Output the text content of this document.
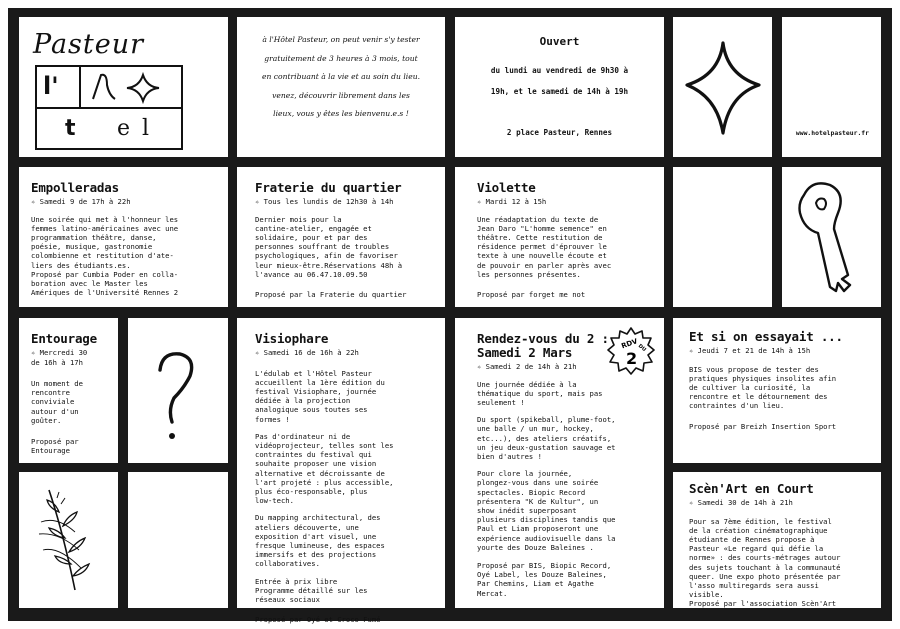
Pasteur
l'
t el
à l'Hôtel Pasteur, on peut venir s'y tester
gratuitement de 3 heures à 3 mois, tout
en contribuant à la vie et au soin du lieu.
venez, découvrir librement dans les
lieux, vous y êtes les bienvenu.e.s !
Ouvert
du lundi au vendredi de 9h30 à
19h, et le samedi de 14h à 19h
2 place Pasteur, Rennes	www.hotelpasteur.fr
Empolleradas
✧ Samedi 9 de 17h à 22h
Une soirée qui met à l'honneur les
femmes latino-américaines avec une
programmation théâtre, danse,
poésie, musique, gastronomie
colombienne et restitution d'ate-
liers des étudiants.es.
Proposé par Cumbia Poder en colla-
boration avec le Master les
Amériques de l'Université Rennes 2
Fraterie du quartier
✧ Tous les lundis de 12h30 à 14h
Dernier mois pour la
cantine-atelier, engagée et
solidaire, pour et par des
personnes souffrant de troubles
psychologiques, afin de favoriser
leur mieux-être.Réservations 48h à
l'avance au 06.47.10.09.50
Proposé par la Fraterie du quartier
Violette
✧ Mardi 12 à 15h
Une réadaptation du texte de
Jean Daro "L'homme semence" en
théâtre. Cette restitution de
résidence permet d'éprouver le
texte à une nouvelle écoute et
de pouvoir en parler après avec
les personnes présentes.
Proposé par forget me not
Entourage
✧ Mercredi 30
de 16h à 17h
Un moment de
rencontre
conviviale
autour d'un
goûter.
Proposé par
Entourage
Visiophare
✧ Samedi 16 de 16h à 22h
L'édulab et l'Hôtel Pasteur
accueillent la 1ère édition du
festival Visiophare, journée
dédiée à la projection
analogique sous toutes ses
formes !
Pas d'ordinateur ni de
vidéoprojecteur, telles sont les
contraintes du festival qui
souhaite proposer une vision
alternative et décroissante de
l'art projeté : plus accessible,
plus éco-responsable, plus
low-tech.
Du mapping architectural, des
ateliers découverte, une
exposition d'art visuel, une
fresque lumineuse, des espaces
immersifs et des projections
collaboratives.
Entrée à prix libre
Programme détaillé sur les
réseaux sociaux
Proposé par Oyé et Croco Fumé
Rendez-vous du 2 :
Samedi 2 Mars
✧ Samedi 2 de 14h à 21h
Une journée dédiée à la
thématique du sport, mais pas
seulement !
Du sport (spikeball, plume-foot,
une balle / un mur, hockey,
etc...), des ateliers créatifs,
un jeu deux-gustation sauvage et
bien d'autres !
Pour clore la journée,
plongez-vous dans une soirée
spectacles. Biopic Record
présentera "K de Kultur", un
show inédit superposant
plusieurs disciplines tandis que
Paul et Liam proposeront une
expérience audiovisuelle dans la
yourte des Douze Baleines .
Proposé par BIS, Biopic Record,
Oyé Label, les Douze Baleines,
Par Chemins, Liam et Agathe
Mercat.
RDV
DU
2
Et si on essayait ...
✧ Jeudi 7 et 21 de 14h à 15h
BIS vous propose de tester des
pratiques physiques insolites afin
de cultiver la curiosité, la
rencontre et le détournement des
contraintes d'un lieu.
Proposé par Breizh Insertion Sport
Scèn'Art en Court
✧ Samedi 30 de 14h à 21h
Pour sa 7ème édition, le festival
de la création cinématographique
étudiante de Rennes propose à
Pasteur «Le regard qui défie la
norme» : des courts-métrages autour
des sujets touchant à la communauté
queer. Une expo photo présentée par
l'asso multiregards sera aussi
visible.
Proposé par l'association Scèn'Art
